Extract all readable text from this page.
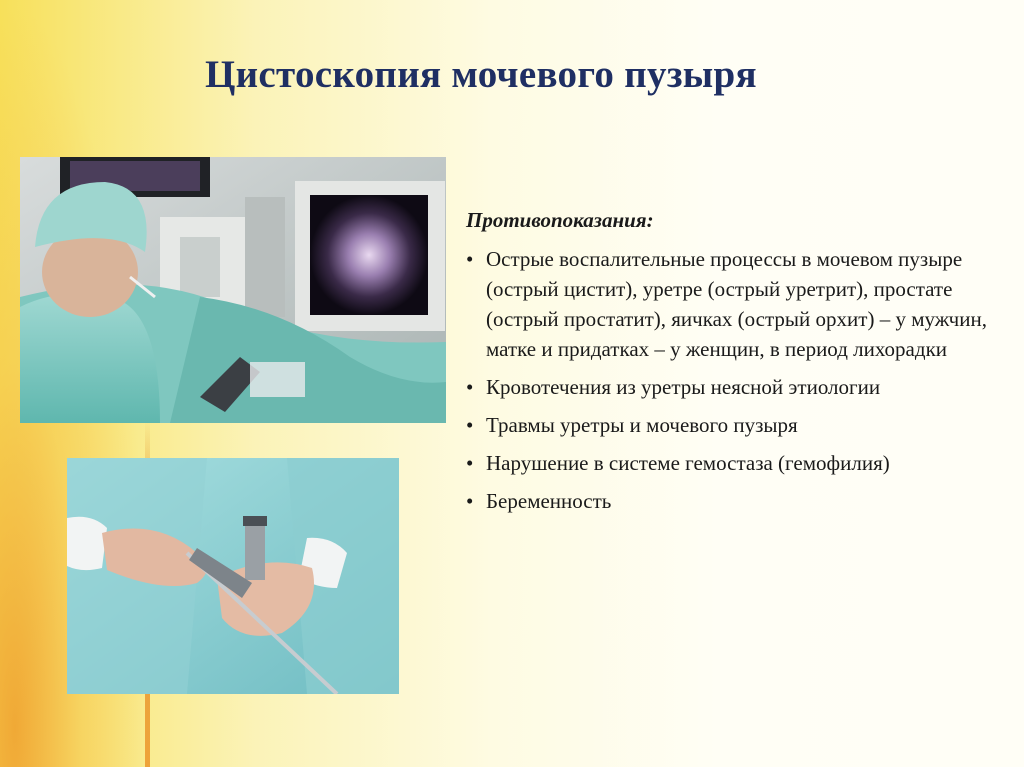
Цистоскопия мочевого пузыря
Противопоказания:
• Острые воспалительные процессы в мочевом пузыре (острый цистит), уретре (острый уретрит), простате (острый простатит), яичках (острый орхит) – у мужчин, матке и придатках – у женщин, в период лихорадки
• Кровотечения из уретры неясной этиологии
• Травмы уретры и мочевого пузыря
• Нарушение в системе гемостаза (гемофилия)
• Беременность
